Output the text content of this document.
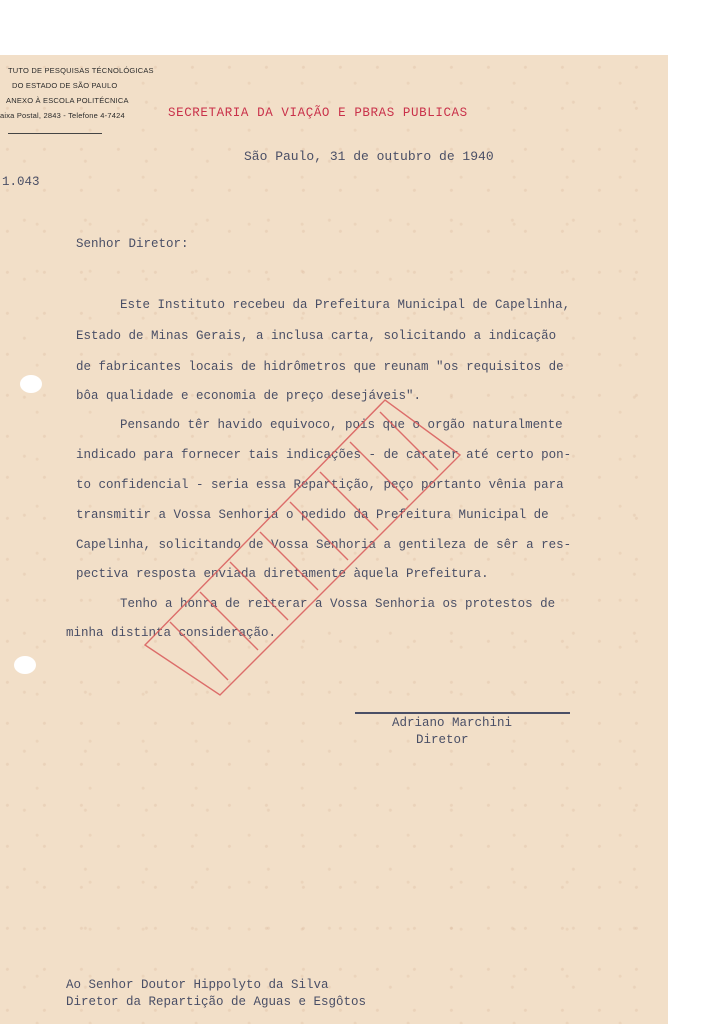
TUTO DE PESQUISAS TÉCNOLÓGICAS
DO ESTADO DE SÃO PAULO
ANEXO À ESCOLA POLITÉCNICA
aixa Postal, 2843 - Telefone 4-7424	SECRETARIA DA VIAÇÃO E PBRAS PUBLICAS
São Paulo, 31 de outubro de 1940
1.043
Senhor Diretor:
Este Instituto recebeu da Prefeitura Municipal de Capelinha,
Estado de Minas Gerais, a inclusa carta, solicitando a indicação
de fabricantes locais de hidrômetros que reunam "os requisitos de
bôa qualidade e economia de preço desejáveis".
Pensando têr havido equivoco, pois que o orgão naturalmente
indicado para fornecer tais indicações - de carater até certo pon-
to confidencial - seria essa Repartição, peço portanto vênia para
transmitir a Vossa Senhoria o pedido da Prefeitura Municipal de
Capelinha, solicitando de Vossa Senhoria a gentileza de sêr a res-
pectiva resposta enviada diretamente àquela Prefeitura.
Tenho a honra de reiterar a Vossa Senhoria os protestos de
minha distinta consideração.
Adriano Marchini
Diretor
Ao Senhor Doutor Hippolyto da Silva
Diretor da Repartição de Aguas e Esgôtos
